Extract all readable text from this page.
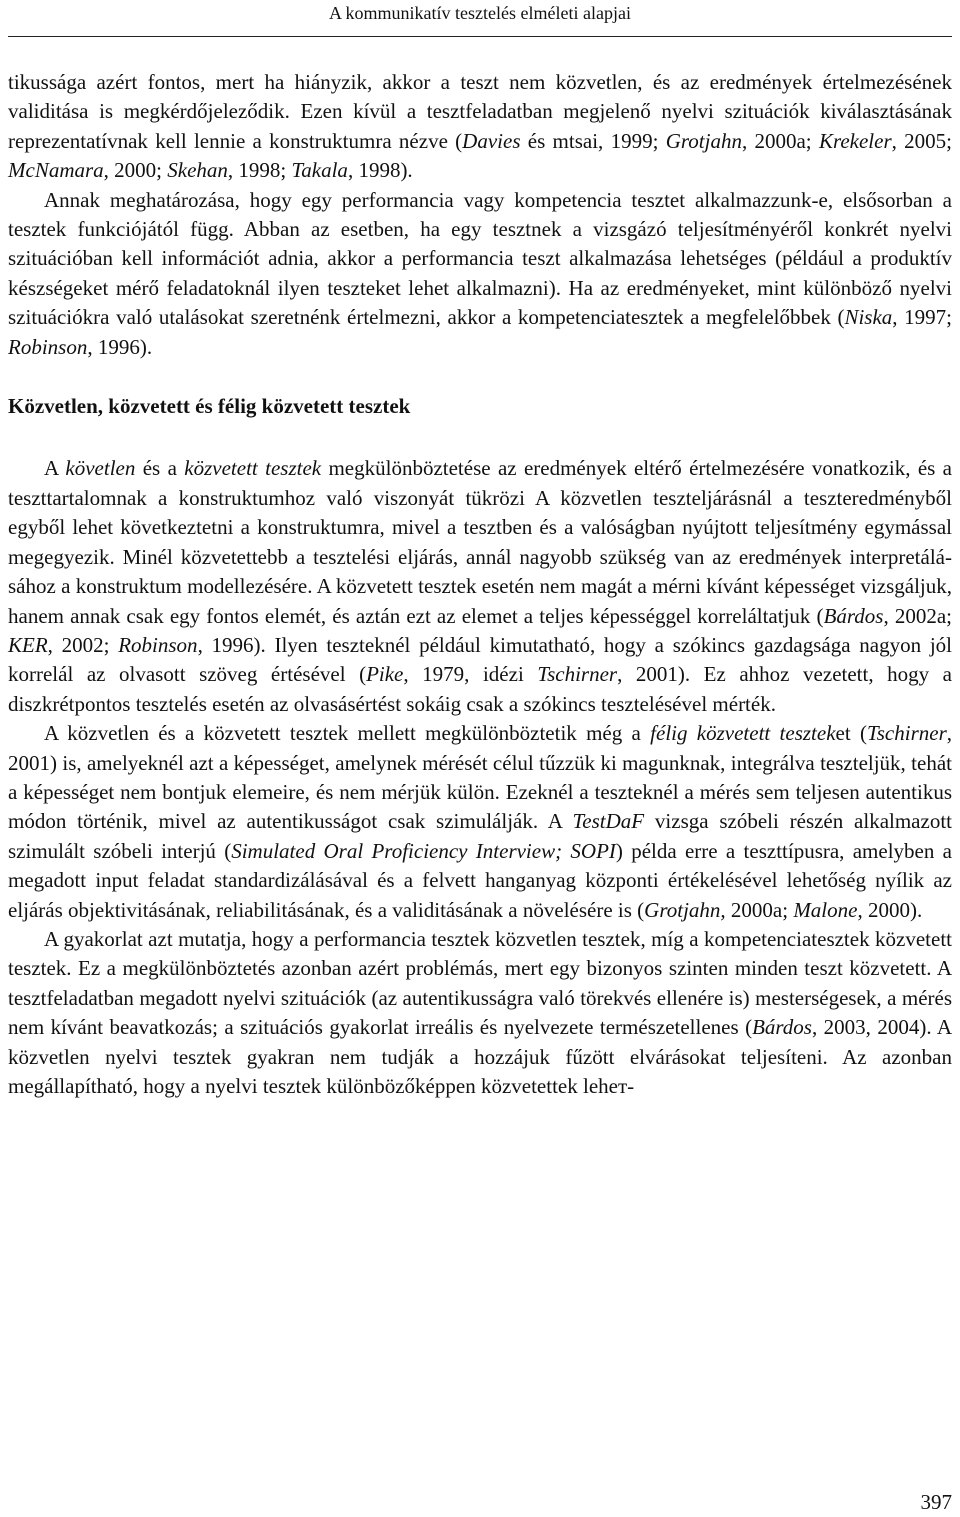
A kommunikatív tesztelés elméleti alapjai

tikussága azért fontos, mert ha hiányzik, akkor a teszt nem közvetlen, és az eredmények értelmezésének validitása is megkérdőjeleződik. Ezen kívül a tesztfeladatban megjelenő nyelvi szituációk kiválasztásának reprezentatívnak kell lennie a konstruktumra nézve (Davies és mtsai, 1999; Grotjahn, 2000a; Krekeler, 2005; McNamara, 2000; Skehan, 1998; Takala, 1998).

Annak meghatározása, hogy egy performancia vagy kompetencia tesztet alkalmazzunk-e, elsősorban a tesztek funkciójától függ. Abban az esetben, ha egy tesztnek a vizsgázó teljesítményéről konkrét nyelvi szituációban kell információt adnia, akkor a performancia teszt alkalmazása lehetséges (például a produktív készségeket mérő feladatoknál ilyen teszteket lehet alkalmazni). Ha az eredményeket, mint különböző nyelvi szituációkra való utalásokat szeretnénk értelmezni, akkor a kompetenciatesztek a megfelelőbbek (Niska, 1997; Robinson, 1996).

Közvetlen, közvetett és félig közvetett tesztek

A követlen és a közvetett tesztek megkülönböztetése az eredmények eltérő értelmezésére vonatkozik, és a teszttartalomnak a konstruktumhoz való viszonyát tükrözi A közvetlen teszteljárásnál a teszteredményből egyből lehet következtetni a konstruktumra, mivel a tesztben és a valóságban nyújtott teljesítmény egymással megegyezik. Minél közvetettebb a tesztelési eljárás, annál nagyobb szükség van az eredmények interpretálásához a konstruktum modellezésére. A közvetett tesztek esetén nem magát a mérni kívánt képességet vizsgáljuk, hanem annak csak egy fontos elemét, és aztán ezt az elemet a teljes képességgel korreláltatjuk (Bárdos, 2002a; KER, 2002; Robinson, 1996). Ilyen teszteknél például kimutatható, hogy a szókincs gazdagsága nagyon jól korrelál az olvasott szöveg értésével (Pike, 1979, idézi Tschirner, 2001). Ez ahhoz vezetett, hogy a diszkrétpontos tesztelés esetén az olvasásértést sokáig csak a szókincs tesztelésével mérték.

A közvetlen és a közvetett tesztek mellett megkülönböztetik még a félig közvetett teszteket (Tschirner, 2001) is, amelyeknél azt a képességet, amelynek mérését célul tűzzük ki magunknak, integrálva teszteljük, tehát a képességet nem bontjuk elemeire, és nem mérjük külön. Ezeknél a teszteknél a mérés sem teljesen autentikus módon történik, mivel az autentikusságot csak szimulálják. A TestDaF vizsga szóbeli részén alkalmazott szimulált szóbeli interjú (Simulated Oral Proficiency Interview; SOPI) példa erre a teszttípusra, amelyben a megadott input feladat standardizálásával és a felvett hanganyag központi értékelésével lehetőség nyílik az eljárás objektivitásának, reliabilitásának, és a validitásának a növelésére is (Grotjahn, 2000a; Malone, 2000).

A gyakorlat azt mutatja, hogy a performancia tesztek közvetlen tesztek, míg a kompetenciatesztek közvetett tesztek. Ez a megkülönböztetés azonban azért problémás, mert egy bizonyos szinten minden teszt közvetett. A tesztfeladatban megadott nyelvi szituációk (az autentikusságra való törekvés ellenére is) mesterségesek, a mérés nem kívánt beavatkozás; a szituációs gyakorlat irreális és nyelvezete természetellenes (Bárdos, 2003, 2004). A közvetlen nyelvi tesztek gyakran nem tudják a hozzájuk fűzött elvárásokat teljesíteni. Az azonban megállapítható, hogy a nyelvi tesztek különbözőképpen közvetettek leheт-

397
